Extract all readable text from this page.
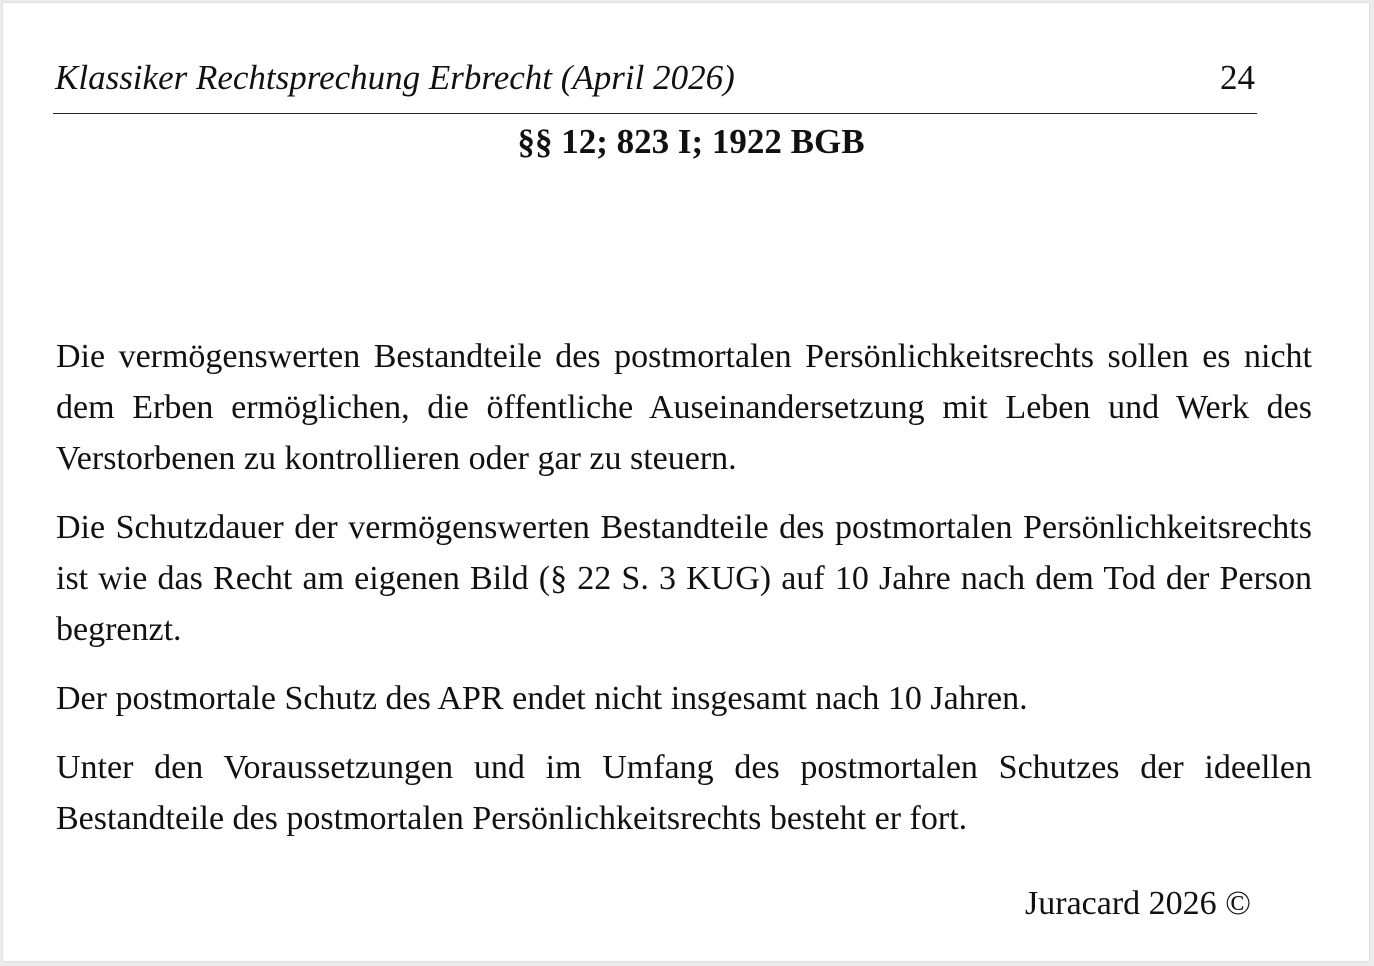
Klassiker Rechtsprechung Erbrecht (April 2026)	24
§§ 12; 823 I; 1922 BGB

Die vermögenswerten Bestandteile des postmortalen Persönlichkeitsrechts sollen es nicht dem Erben ermöglichen, die öffentliche Auseinandersetzung mit Leben und Werk des Verstorbenen zu kontrollieren oder gar zu steuern.

Die Schutzdauer der vermögenswerten Bestandteile des postmortalen Persönlichkeitsrechts ist wie das Recht am eigenen Bild (§ 22 S. 3 KUG) auf 10 Jahre nach dem Tod der Person begrenzt.

Der postmortale Schutz des APR endet nicht insgesamt nach 10 Jahren.

Unter den Voraussetzungen und im Umfang des postmortalen Schutzes der ideellen Bestandteile des postmortalen Persönlichkeitsrechts besteht er fort.

Juracard 2026 ©
